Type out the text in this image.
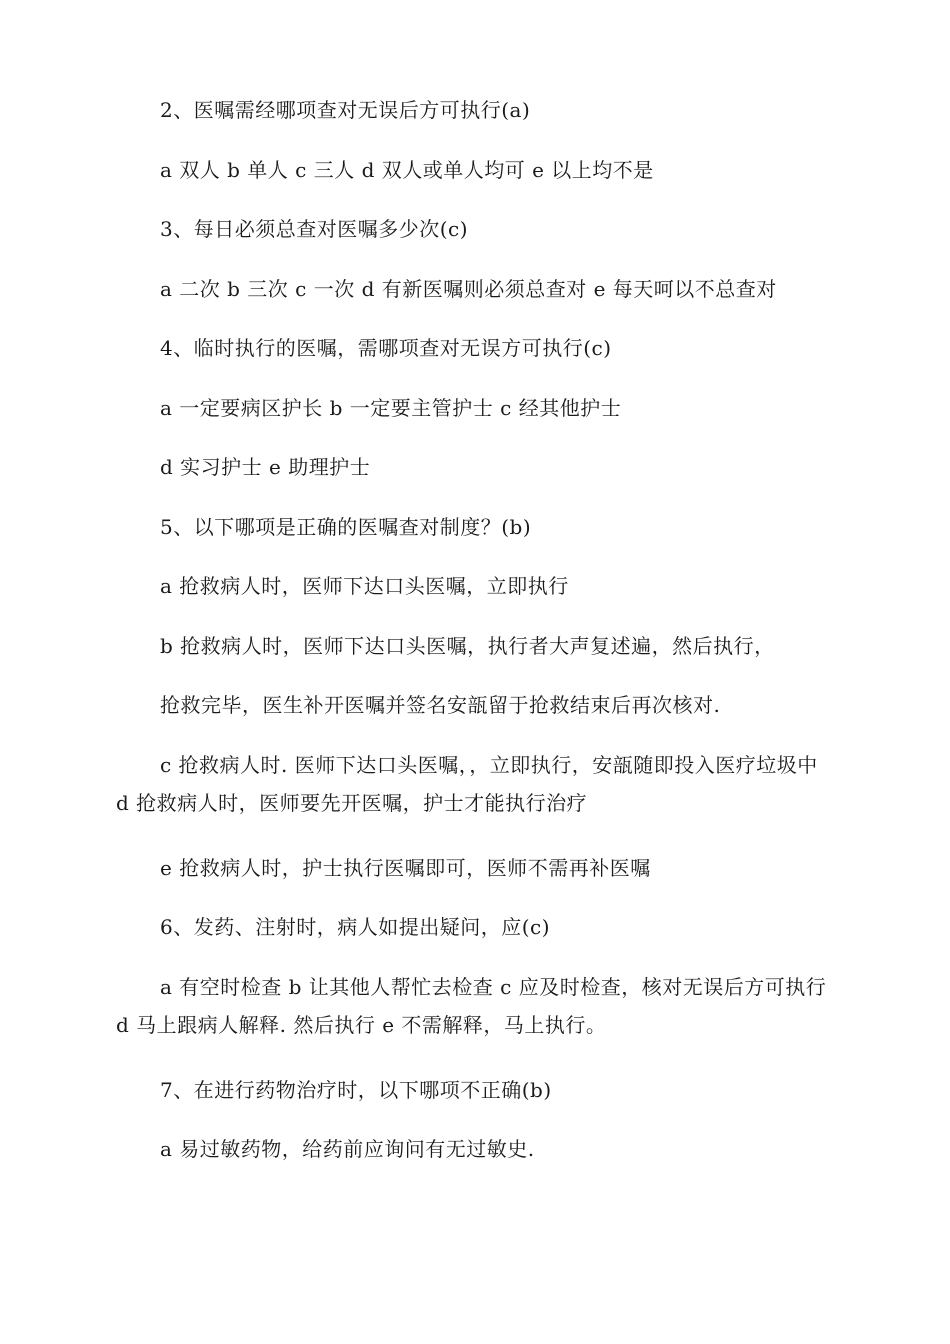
2、医嘱需经哪项查对无误后方可执行(a)
a 双人 b 单人 c 三人 d 双人或单人均可 e 以上均不是
3、每日必须总查对医嘱多少次(c)
a 二次 b 三次 c 一次 d 有新医嘱则必须总查对 e 每天呵以不总查对
4、临时执行的医嘱，需哪项查对无误方可执行(c)
a 一定要病区护长 b 一定要主管护士 c 经其他护士
d 实习护士 e 助理护士
5、以下哪项是正确的医嘱查对制度？(b)
a 抢救病人时，医师下达口头医嘱，立即执行
b 抢救病人时，医师下达口头医嘱，执行者大声复述遍，然后执行，
抢救完毕，医生补开医嘱并签名安瓿留于抢救结束后再次核对.
c 抢救病人时. 医师下达口头医嘱，，立即执行，安瓿随即投入医疗垃圾中 d 抢救病人时，医师要先开医嘱，护士才能执行治疗
e 抢救病人时，护士执行医嘱即可，医师不需再补医嘱
6、发药、注射时，病人如提出疑问，应(c)
a 有空时检查 b 让其他人帮忙去检查 c 应及时检查，核对无误后方可执行 d 马上跟病人解释. 然后执行 e 不需解释，马上执行。
7、在进行药物治疗时，以下哪项不正确(b)
a 易过敏药物，给药前应询问有无过敏史.
